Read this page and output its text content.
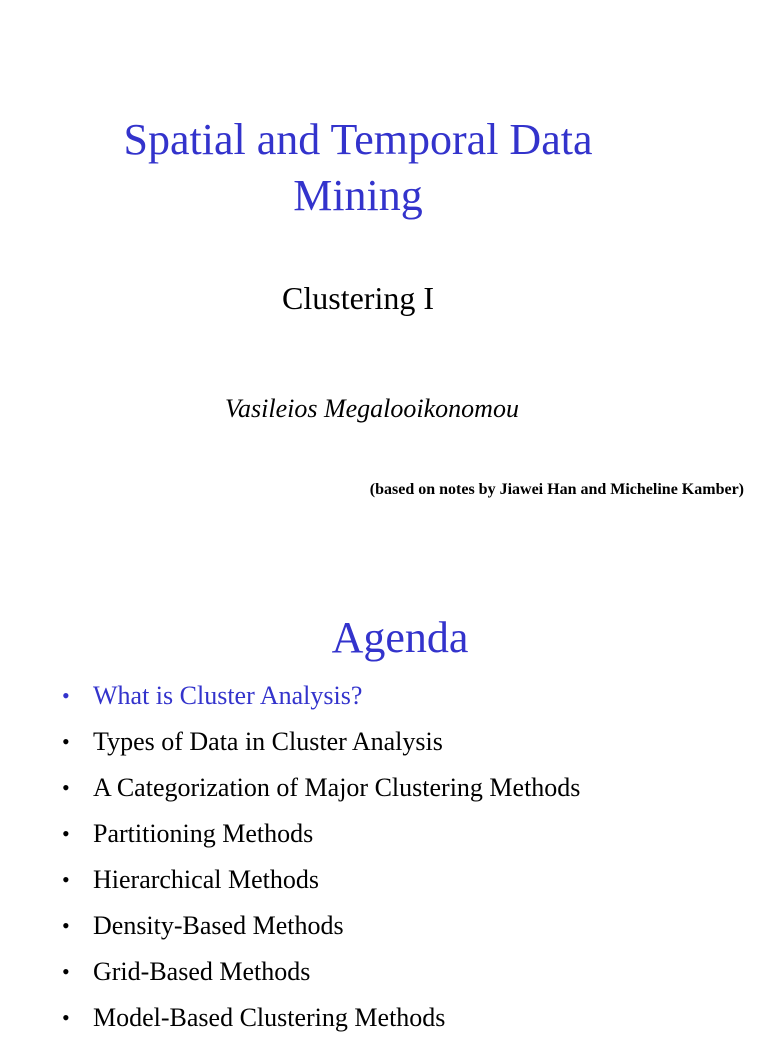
Spatial and Temporal Data
Mining
Clustering I
Vasileios Megalooikonomou
(based on notes by Jiawei Han and Micheline Kamber)
Agenda
• What is Cluster Analysis?
• Types of Data in Cluster Analysis
• A Categorization of Major Clustering Methods
• Partitioning Methods
• Hierarchical Methods
• Density-Based Methods
• Grid-Based Methods
• Model-Based Clustering Methods
